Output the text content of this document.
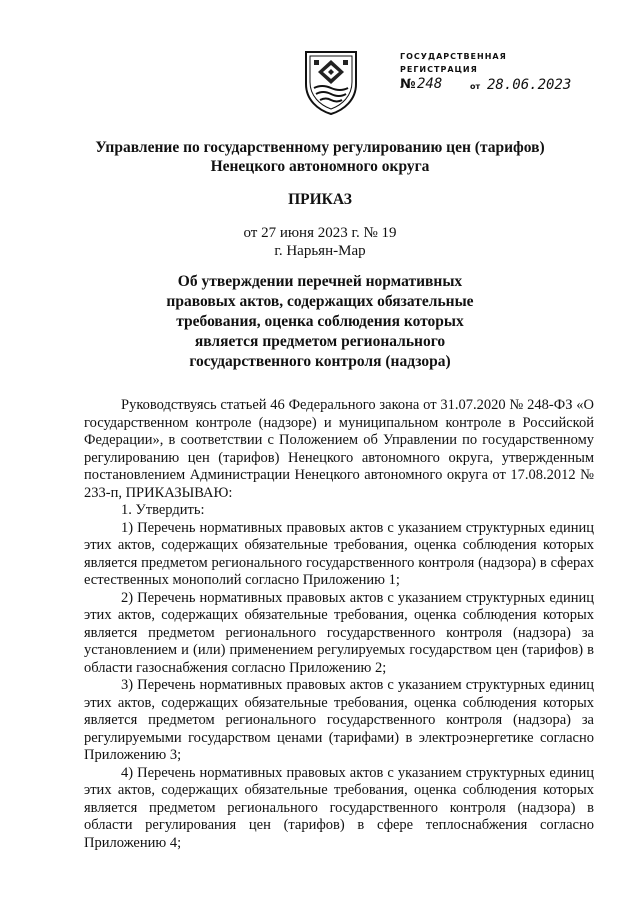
ГОСУДАРСТВЕННАЯ
РЕГИСТРАЦИЯ
№ 248	от 28.06.2023
Управление по государственному регулированию цен (тарифов)
Ненецкого автономного округа
ПРИКАЗ
от 27 июня 2023 г. № 19
г. Нарьян-Мар
Об утверждении перечней нормативных
правовых актов, содержащих обязательные
требования, оценка соблюдения которых
является предметом регионального
государственного контроля (надзора)

Руководствуясь статьей 46 Федерального закона от 31.07.2020 № 248-ФЗ «О государственном контроле (надзоре) и муниципальном контроле в Российской Федерации», в соответствии с Положением об Управлении по государственному регулированию цен (тарифов) Ненецкого автономного округа, утвержденным постановлением Администрации Ненецкого автономного округа от 17.08.2012 № 233-п, ПРИКАЗЫВАЮ:

1. Утвердить:

1) Перечень нормативных правовых актов с указанием структурных единиц этих актов, содержащих обязательные требования, оценка соблюдения которых является предметом регионального государственного контроля (надзора) в сферах естественных монополий согласно Приложению 1;

2) Перечень нормативных правовых актов с указанием структурных единиц этих актов, содержащих обязательные требования, оценка соблюдения которых является предметом регионального государственного контроля (надзора) за установлением и (или) применением регулируемых государством цен (тарифов) в области газоснабжения согласно Приложению 2;

3) Перечень нормативных правовых актов с указанием структурных единиц этих актов, содержащих обязательные требования, оценка соблюдения которых является предметом регионального государственного контроля (надзора) за регулируемыми государством ценами (тарифами) в электроэнергетике согласно Приложению 3;

4) Перечень нормативных правовых актов с указанием структурных единиц этих актов, содержащих обязательные требования, оценка соблюдения которых является предметом регионального государственного контроля (надзора) в области регулирования цен (тарифов) в сфере теплоснабжения согласно Приложению 4;
